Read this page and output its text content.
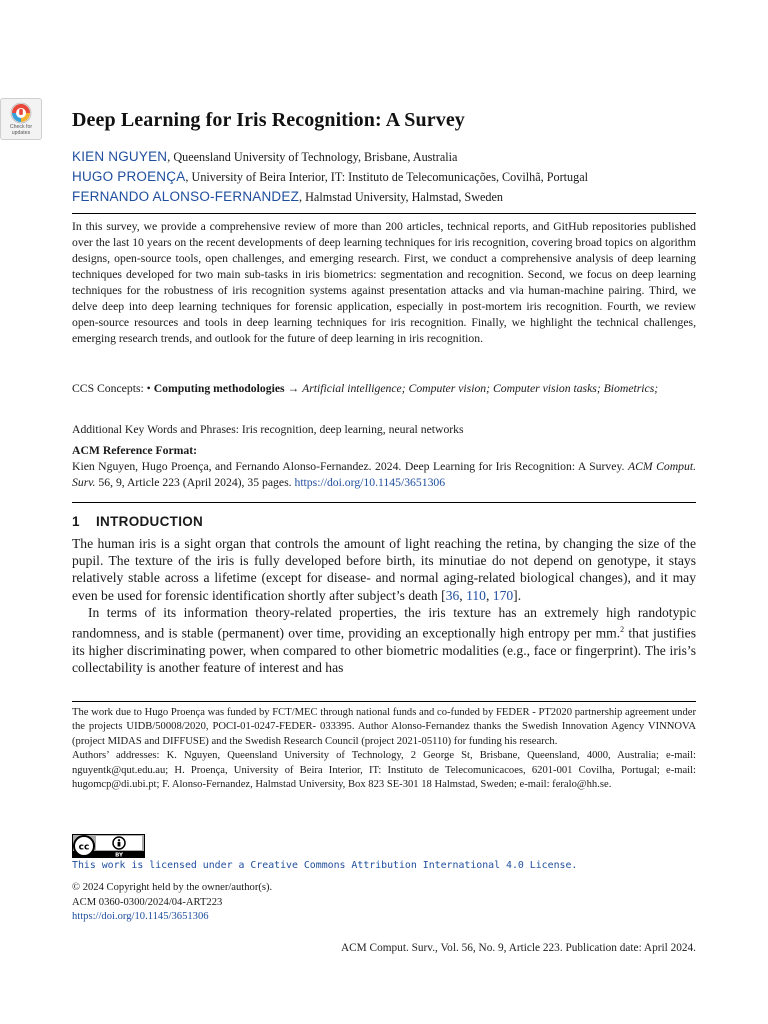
Check for
updates
Deep Learning for Iris Recognition: A Survey
KIEN NGUYEN, Queensland University of Technology, Brisbane, Australia
HUGO PROENÇA, University of Beira Interior, IT: Instituto de Telecomunicações, Covilhã, Portugal
FERNANDO ALONSO-FERNANDEZ, Halmstad University, Halmstad, Sweden

In this survey, we provide a comprehensive review of more than 200 articles, technical reports, and GitHub repositories published over the last 10 years on the recent developments of deep learning techniques for iris recognition, covering broad topics on algorithm designs, open-source tools, open challenges, and emerging research. First, we conduct a comprehensive analysis of deep learning techniques developed for two main sub-tasks in iris biometrics: segmentation and recognition. Second, we focus on deep learning techniques for the robustness of iris recognition systems against presentation attacks and via human-machine pairing. Third, we delve deep into deep learning techniques for forensic application, especially in post-mortem iris recognition. Fourth, we review open-source resources and tools in deep learning techniques for iris recognition. Finally, we highlight the technical challenges, emerging research trends, and outlook for the future of deep learning in iris recognition.

CCS Concepts: • Computing methodologies → Artificial intelligence; Computer vision; Computer vision tasks; Biometrics;

Additional Key Words and Phrases: Iris recognition, deep learning, neural networks

ACM Reference Format:

Kien Nguyen, Hugo Proença, and Fernando Alonso-Fernandez. 2024. Deep Learning for Iris Recognition: A Survey. ACM Comput. Surv. 56, 9, Article 223 (April 2024), 35 pages. https://doi.org/10.1145/3651306

1 INTRODUCTION

The human iris is a sight organ that controls the amount of light reaching the retina, by changing the size of the pupil. The texture of the iris is fully developed before birth, its minutiae do not depend on genotype, it stays relatively stable across a lifetime (except for disease- and normal aging-related biological changes), and it may even be used for forensic identification shortly after subject’s death [36, 110, 170].

In terms of its information theory-related properties, the iris texture has an extremely high randotypic randomness, and is stable (permanent) over time, providing an exceptionally high entropy per mm.$^2$ that justifies its higher discriminating power, when compared to other biometric modalities (e.g., face or fingerprint). The iris’s collectability is another feature of interest and has

The work due to Hugo Proença was funded by FCT/MEC through national funds and co-funded by FEDER - PT2020 partnership agreement under the projects UIDB/50008/2020, POCI-01-0247-FEDER- 033395. Author Alonso-Fernandez thanks the Swedish Innovation Agency VINNOVA (project MIDAS and DIFFUSE) and the Swedish Research Council (project 2021-05110) for funding his research.

Authors’ addresses: K. Nguyen, Queensland University of Technology, 2 George St, Brisbane, Queensland, 4000, Australia; e-mail: nguyentk@qut.edu.au; H. Proença, University of Beira Interior, IT: Instituto de Telecomunicacoes, 6201-001 Covilha, Portugal; e-mail: hugomcp@di.ubi.pt; F. Alonso-Fernandez, Halmstad University, Box 823 SE-301 18 Halmstad, Sweden; e-mail: feralo@hh.se.

cc
BY
This work is licensed under a Creative Commons Attribution International 4.0 License.
© 2024 Copyright held by the owner/author(s).
ACM 0360-0300/2024/04-ART223
https://doi.org/10.1145/3651306
ACM Comput. Surv., Vol. 56, No. 9, Article 223. Publication date: April 2024.
